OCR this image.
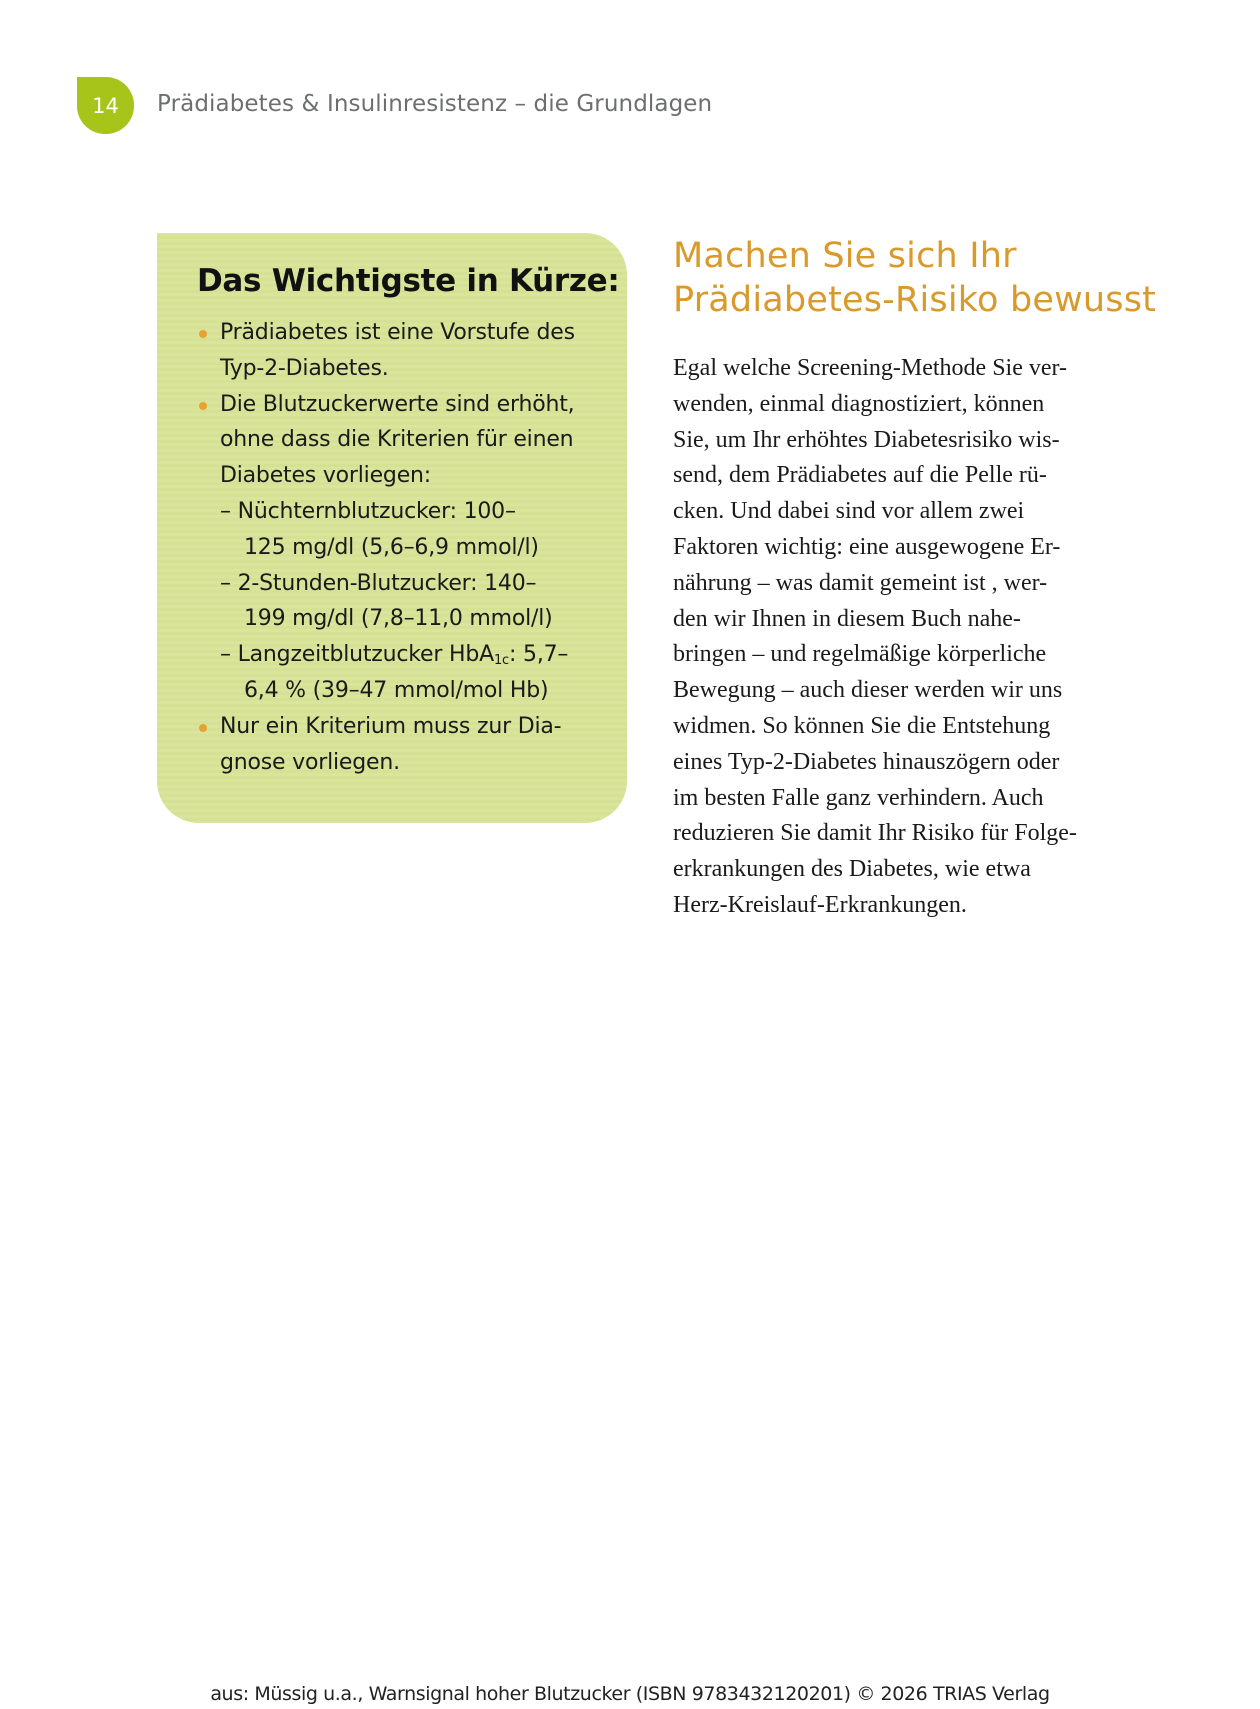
14 Prädiabetes & Insulinresistenz – die Grundlagen
Das Wichtigste in Kürze:
Prädiabetes ist eine Vorstufe des
Typ-2-Diabetes.
Die Blutzuckerwerte sind erhöht,
ohne dass die Kriterien für einen
Diabetes vorliegen:
– Nüchternblutzucker: 100–
125 mg/dl (5,6–6,9 mmol/l)
– 2-Stunden-Blutzucker: 140–
199 mg/dl (7,8–11,0 mmol/l)
– Langzeitblutzucker HbA$_{1c}$: 5,7–
6,4 % (39–47 mmol/mol Hb)
Nur ein Kriterium muss zur Dia-
gnose vorliegen.
Machen Sie sich Ihr
Prädiabetes-Risiko bewusst
Egal welche Screening-Methode Sie ver-
wenden, einmal diagnostiziert, können
Sie, um Ihr erhöhtes Diabetesrisiko wis-
send, dem Prädiabetes auf die Pelle rü-
cken. Und dabei sind vor allem zwei
Faktoren wichtig: eine ausgewogene Er-
nährung – was damit gemeint ist , wer-
den wir Ihnen in diesem Buch nahe-
bringen – und regelmäßige körperliche
Bewegung – auch dieser werden wir uns
widmen. So können Sie die Entstehung
eines Typ-2-Diabetes hinauszögern oder
im besten Falle ganz verhindern. Auch
reduzieren Sie damit Ihr Risiko für Folge-
erkrankungen des Diabetes, wie etwa
Herz-Kreislauf-Erkrankungen.
aus: Müssig u.a., Warnsignal hoher Blutzucker (ISBN 9783432120201) © 2026 TRIAS Verlag
